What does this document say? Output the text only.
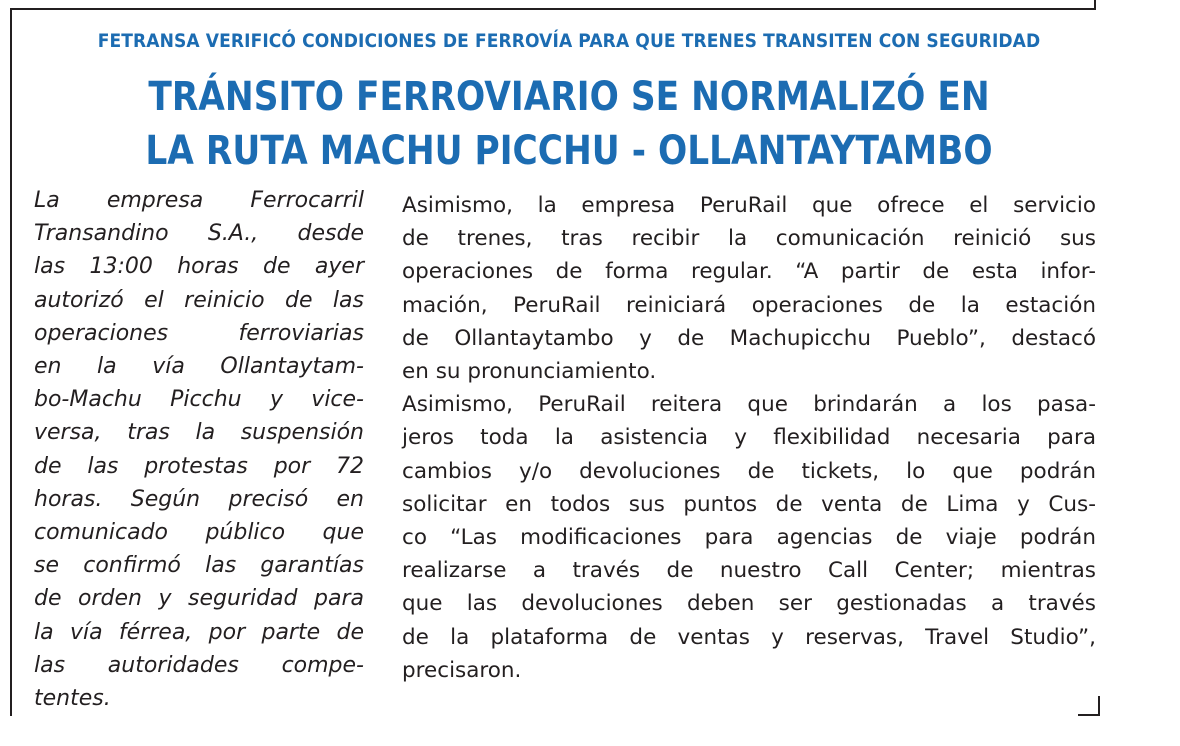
FETRANSA VERIFICÓ CONDICIONES DE FERROVÍA PARA QUE TRENES TRANSITEN CON SEGURIDAD
TRÁNSITO FERROVIARIO SE NORMALIZÓ EN
LA RUTA MACHU PICCHU - OLLANTAYTAMBO
La empresa Ferrocarril
Transandino S.A., desde
las 13:00 horas de ayer
autorizó el reinicio de las
operaciones ferroviarias
en la vía Ollantaytam-
bo-Machu Picchu y vice-
versa, tras la suspensión
de las protestas por 72
horas. Según precisó en
comunicado público que
se confirmó las garantías
de orden y seguridad para
la vía férrea, por parte de
las autoridades compe-
tentes.
Asimismo, la empresa PeruRail que ofrece el servicio
de trenes, tras recibir la comunicación reinició sus
operaciones de forma regular. “A partir de esta infor-
mación, PeruRail reiniciará operaciones de la estación
de Ollantaytambo y de Machupicchu Pueblo”, destacó
en su pronunciamiento.
Asimismo, PeruRail reitera que brindarán a los pasa-
jeros toda la asistencia y flexibilidad necesaria para
cambios y/o devoluciones de tickets, lo que podrán
solicitar en todos sus puntos de venta de Lima y Cus-
co “Las modificaciones para agencias de viaje podrán
realizarse a través de nuestro Call Center; mientras
que las devoluciones deben ser gestionadas a través
de la plataforma de ventas y reservas, Travel Studio”,
precisaron.
